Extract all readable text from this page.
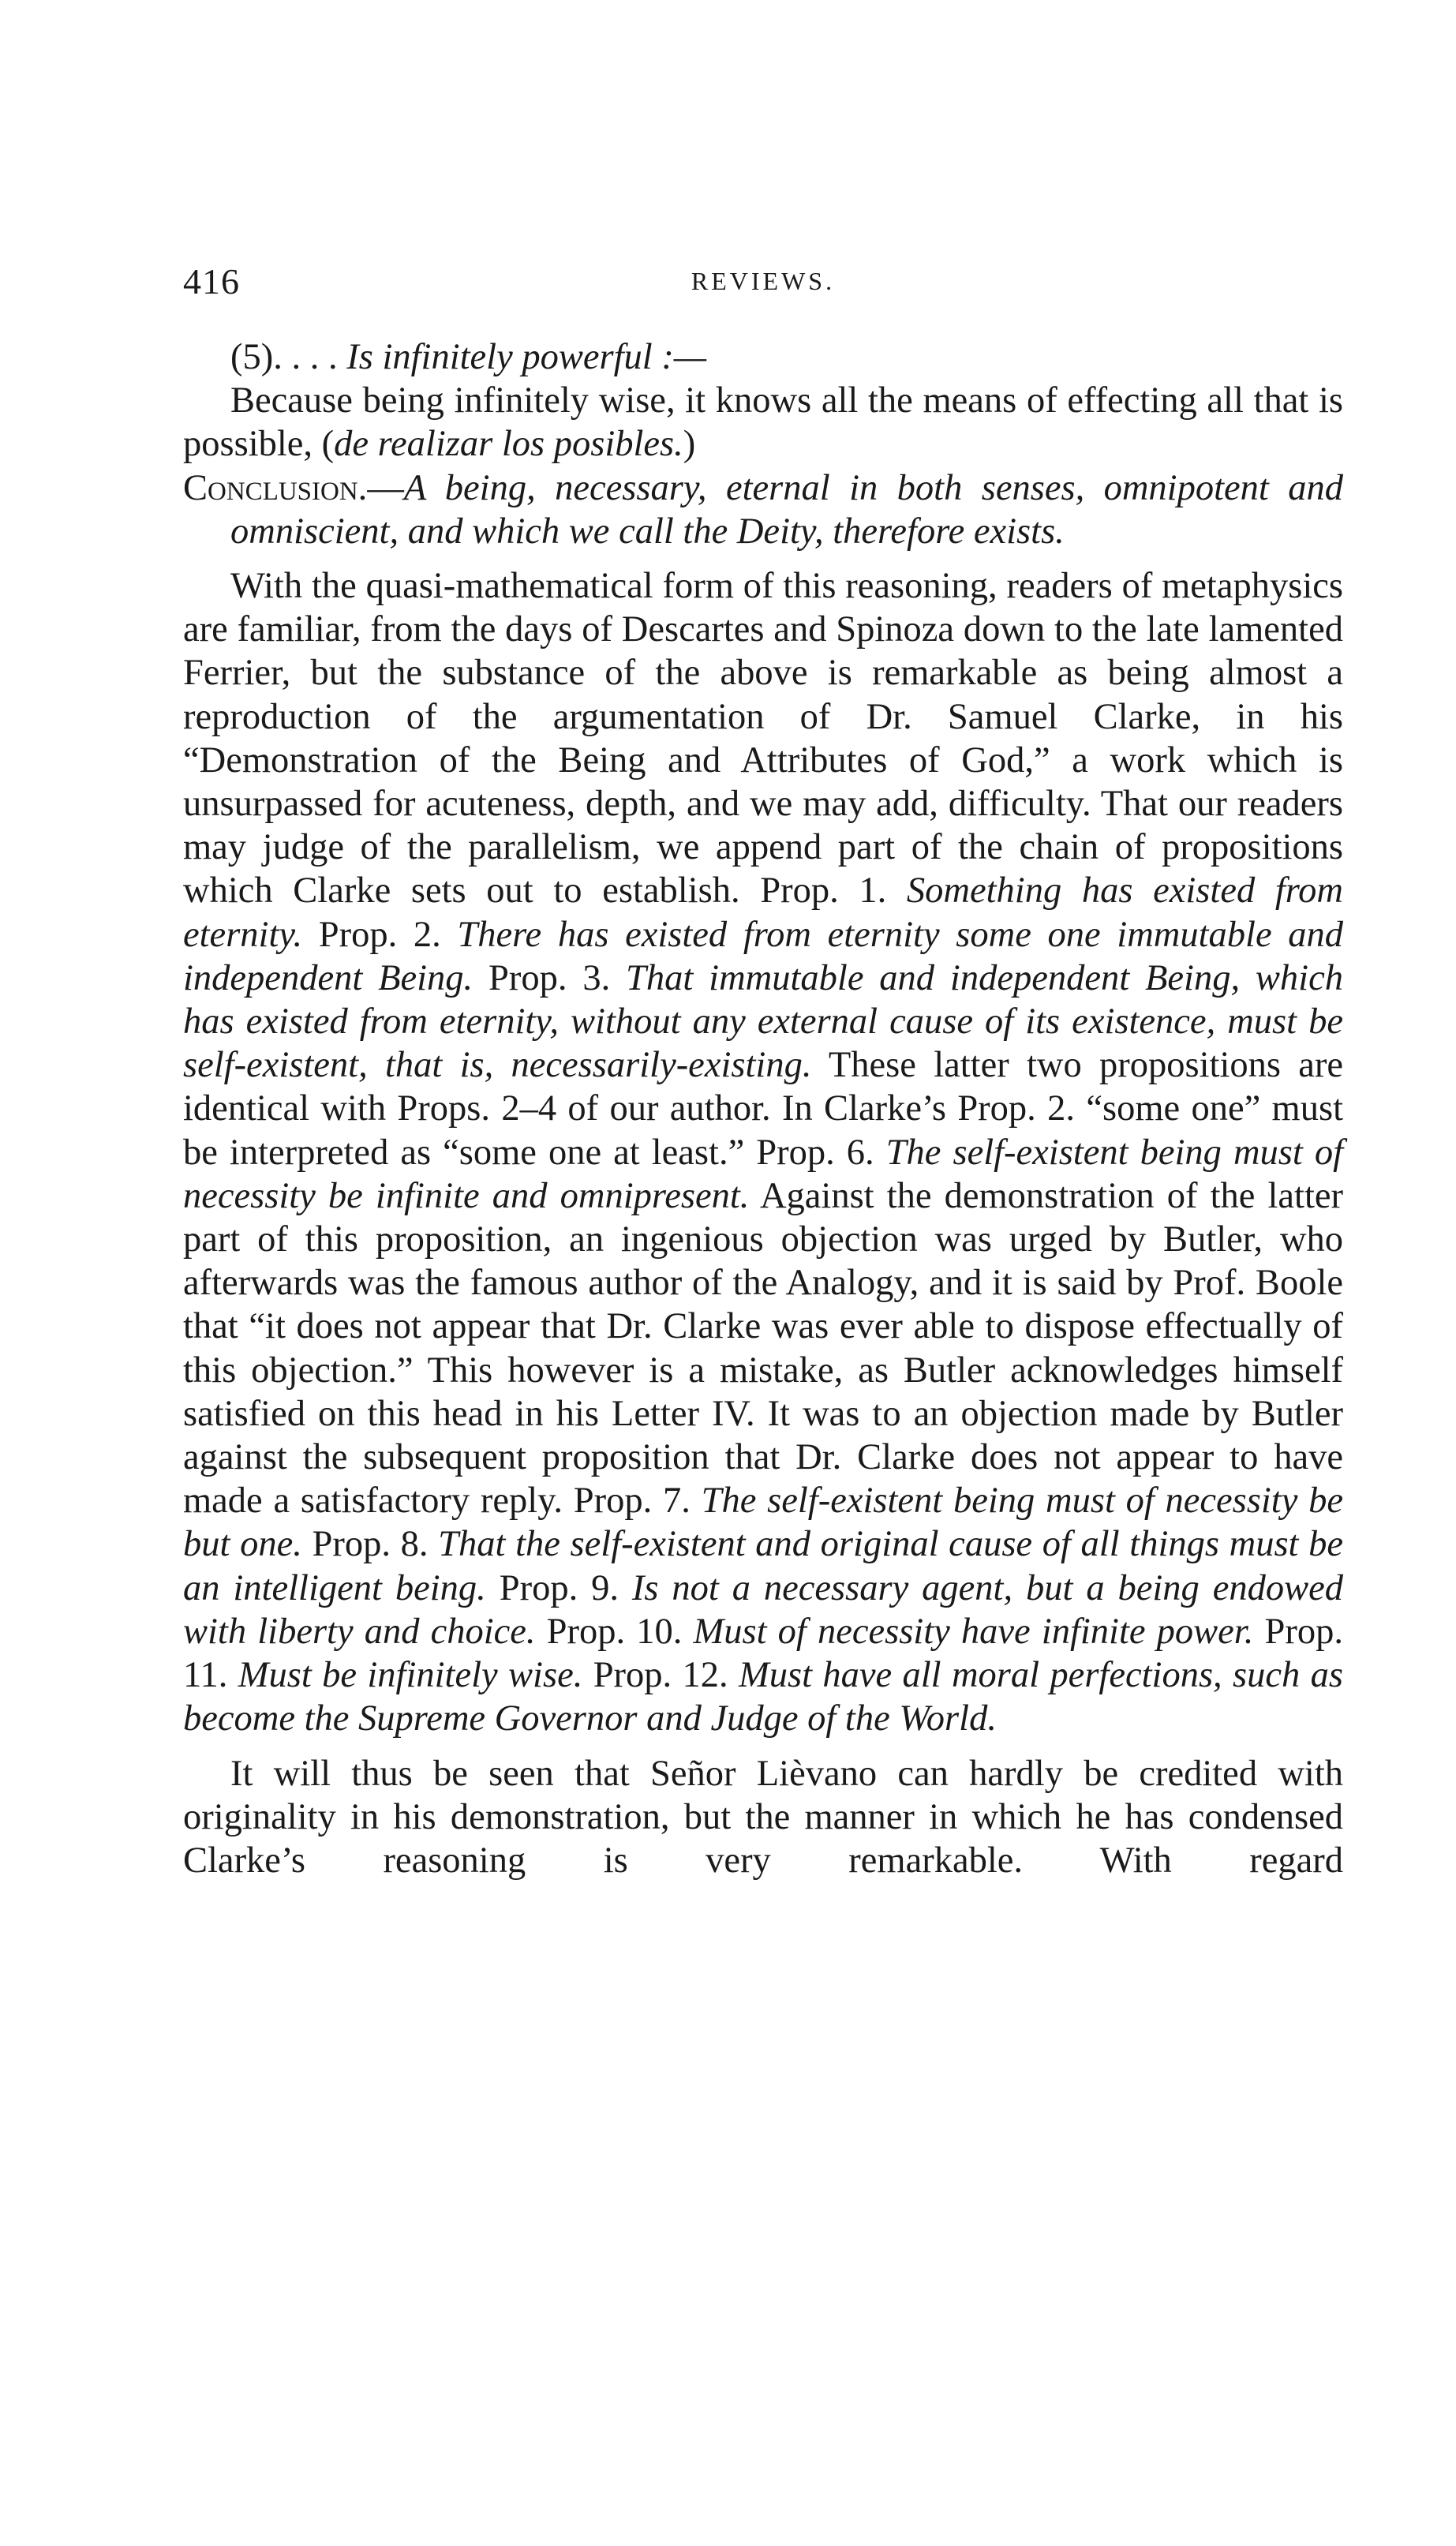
416	REVIEWS.

(5). . . . Is infinitely powerful :—

Because being infinitely wise, it knows all the means of effecting all that is possible, (de realizar los posibles.)

Conclusion.—A being, necessary, eternal in both senses, omnipotent and omniscient, and which we call the Deity, therefore exists.

With the quasi-mathematical form of this reasoning, readers of metaphysics are familiar, from the days of Descartes and Spinoza down to the late lamented Ferrier, but the substance of the above is remarkable as being almost a reproduction of the argumentation of Dr. Samuel Clarke, in his “Demonstration of the Being and Attributes of God,” a work which is unsurpassed for acuteness, depth, and we may add, difficulty. That our readers may judge of the parallelism, we append part of the chain of propositions which Clarke sets out to establish. Prop. 1. Something has existed from eternity. Prop. 2. There has existed from eternity some one immutable and independent Being. Prop. 3. That immutable and independent Being, which has existed from eternity, without any external cause of its existence, must be self-existent, that is, necessarily-existing. These latter two propositions are identical with Props. 2–4 of our author. In Clarke’s Prop. 2. “some one” must be interpreted as “some one at least.” Prop. 6. The self-existent being must of necessity be infinite and omnipresent. Against the demonstration of the latter part of this proposition, an ingenious objection was urged by Butler, who afterwards was the famous author of the Analogy, and it is said by Prof. Boole that “it does not appear that Dr. Clarke was ever able to dispose effectually of this objection.” This however is a mistake, as Butler acknowledges himself satisfied on this head in his Letter IV. It was to an objection made by Butler against the subsequent proposition that Dr. Clarke does not appear to have made a satisfactory reply. Prop. 7. The self-existent being must of necessity be but one. Prop. 8. That the self-existent and original cause of all things must be an intelligent being. Prop. 9. Is not a necessary agent, but a being endowed with liberty and choice. Prop. 10. Must of necessity have infinite power. Prop. 11. Must be infinitely wise. Prop. 12. Must have all moral perfections, such as become the Supreme Governor and Judge of the World.

It will thus be seen that Señor Lièvano can hardly be credited with originality in his demonstration, but the manner in which he has condensed Clarke’s reasoning is very remarkable. With regard
